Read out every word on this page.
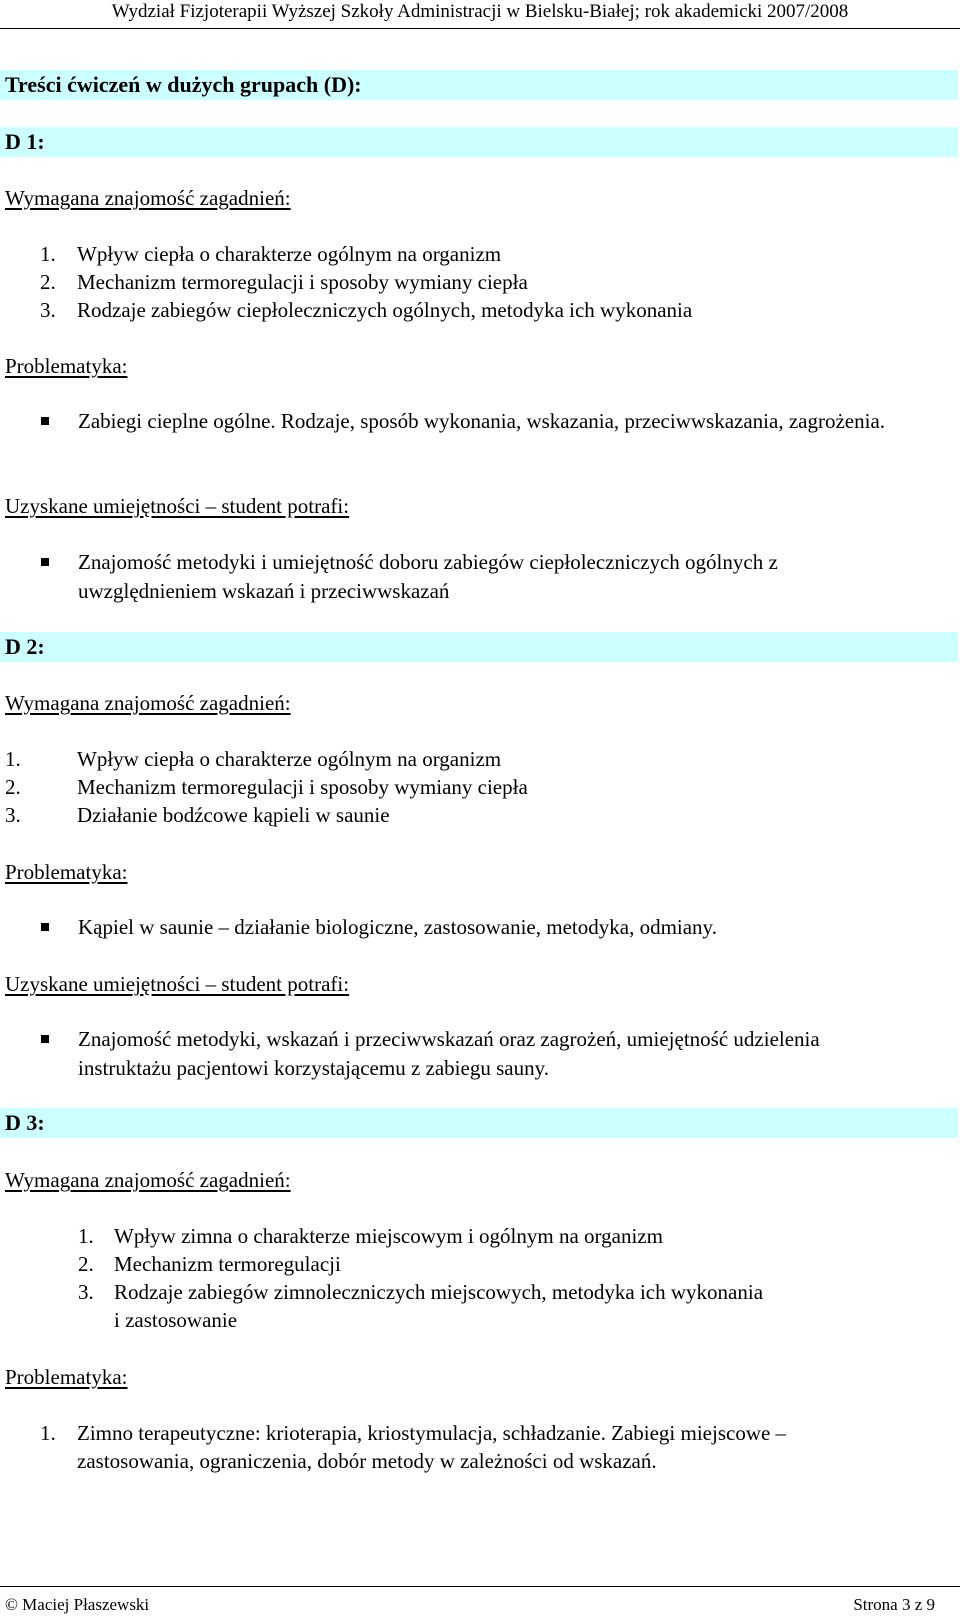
Wydział Fizjoterapii Wyższej Szkoły Administracji w Bielsku-Białej; rok akademicki 2007/2008
Treści ćwiczeń w dużych grupach (D):
D 1:
Wymagana znajomość zagadnień:
1. Wpływ ciepła o charakterze ogólnym na organizm
2. Mechanizm termoregulacji i sposoby wymiany ciepła
3. Rodzaje zabiegów ciepłoleczniczych ogólnych, metodyka ich wykonania
Problematyka:
Zabiegi cieplne ogólne. Rodzaje, sposób wykonania, wskazania, przeciwwskazania, zagrożenia.
Uzyskane umiejętności – student potrafi:
Znajomość metodyki i umiejętność doboru zabiegów ciepłoleczniczych ogólnych z uwzględnieniem wskazań i przeciwwskazań
D 2:
Wymagana znajomość zagadnień:
1.	Wpływ ciepła o charakterze ogólnym na organizm
2.	Mechanizm termoregulacji i sposoby wymiany ciepła
3.	Działanie bodźcowe kąpieli w saunie
Problematyka:
Kąpiel w saunie – działanie biologiczne, zastosowanie, metodyka, odmiany.
Uzyskane umiejętności – student potrafi:
Znajomość metodyki, wskazań i przeciwwskazań oraz zagrożeń, umiejętność udzielenia instruktażu pacjentowi korzystającemu z zabiegu sauny.
D 3:
Wymagana znajomość zagadnień:
1. Wpływ zimna o charakterze miejscowym i ogólnym na organizm
2. Mechanizm termoregulacji
3. Rodzaje zabiegów zimnoleczniczych miejscowych, metodyka ich wykonania
i zastosowanie
Problematyka:
1. Zimno terapeutyczne: krioterapia, kriostymulacja, schładzanie. Zabiegi miejscowe –
zastosowania, ograniczenia, dobór metody w zależności od wskazań.
© Maciej Płaszewski	Strona 3 z 9
